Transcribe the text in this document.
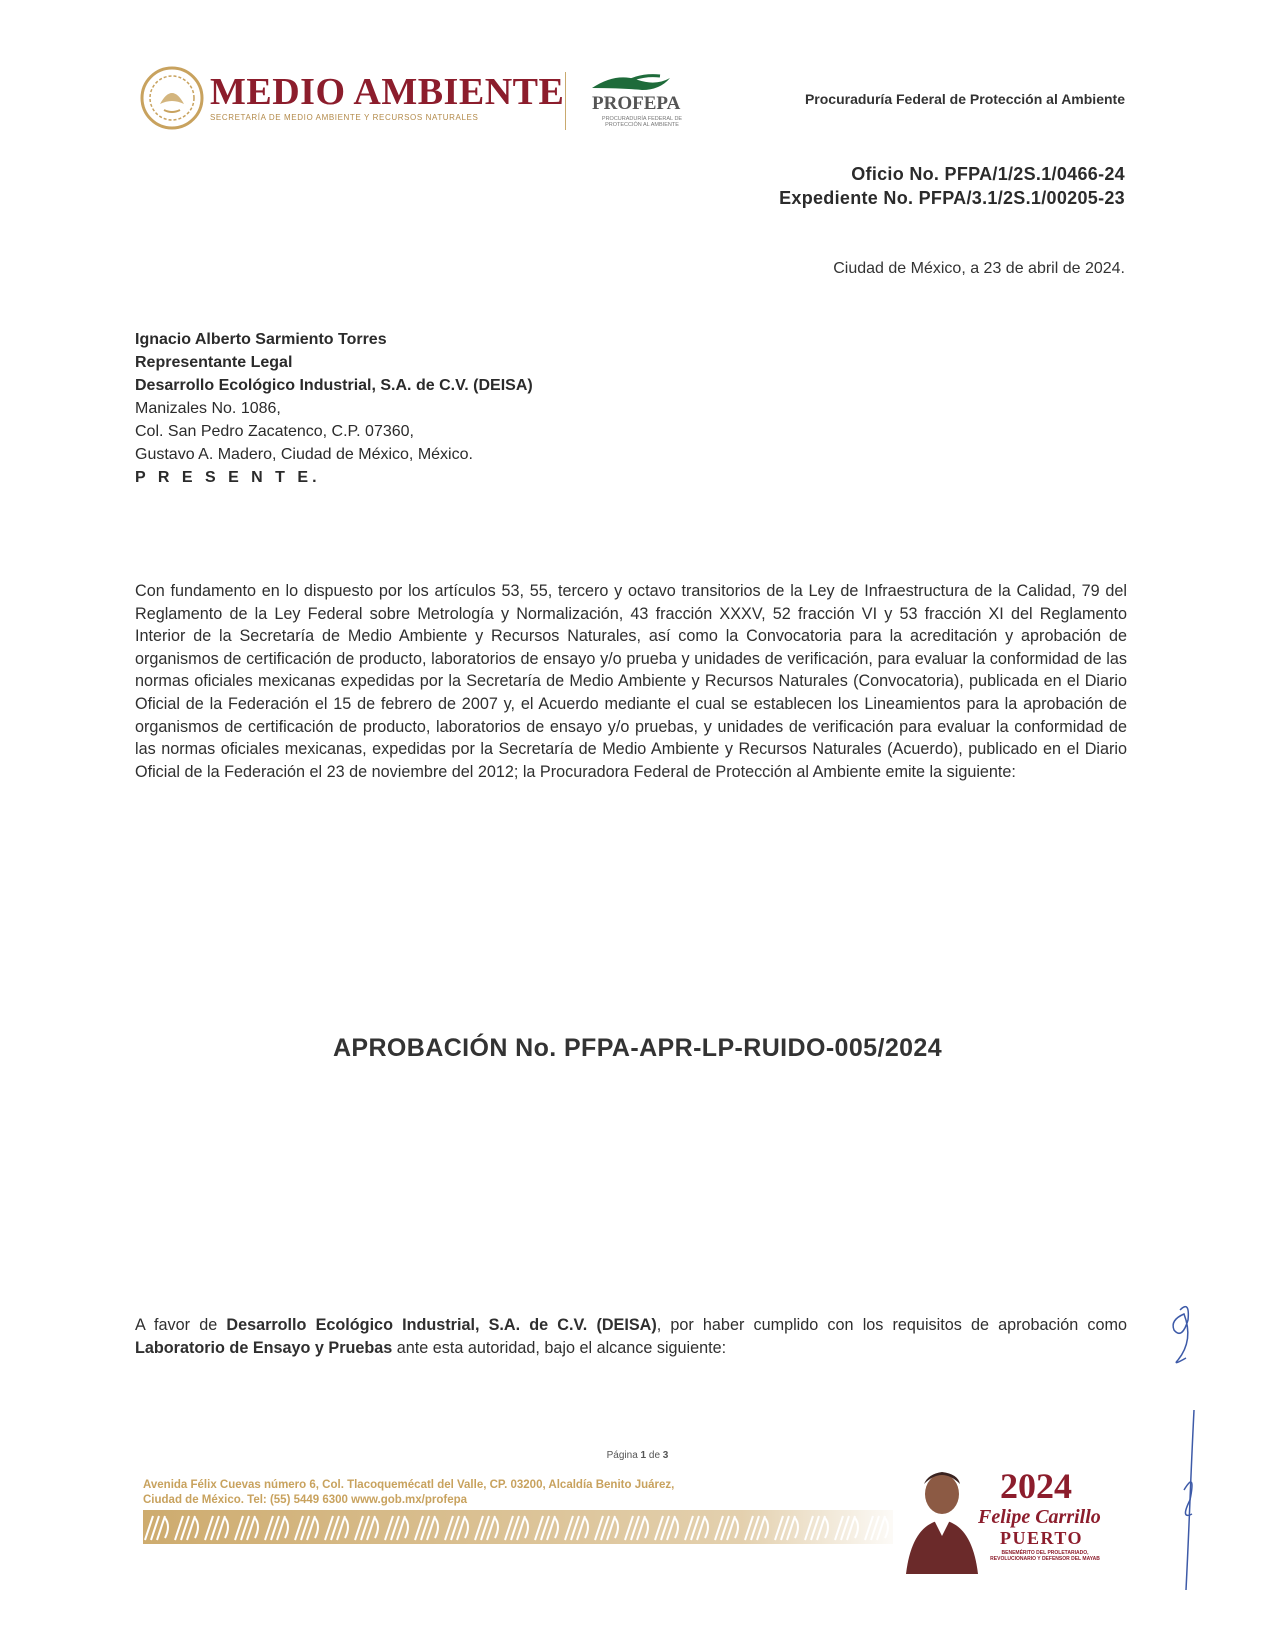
MEDIO AMBIENTE
SECRETARÍA DE MEDIO AMBIENTE Y RECURSOS NATURALES
PROFEPA
PROCURADURÍA FEDERAL DE PROTECCIÓN AL AMBIENTE
Procuraduría Federal de Protección al Ambiente
Oficio No. PFPA/1/2S.1/0466-24
Expediente No. PFPA/3.1/2S.1/00205-23
Ciudad de México, a 23 de abril de 2024.
Ignacio Alberto Sarmiento Torres
Representante Legal
Desarrollo Ecológico Industrial, S.A. de C.V. (DEISA)
Manizales No. 1086,
Col. San Pedro Zacatenco, C.P. 07360,
Gustavo A. Madero, Ciudad de México, México.
P R E S E N T E.

Con fundamento en lo dispuesto por los artículos 53, 55, tercero y octavo transitorios de la Ley de Infraestructura de la Calidad, 79 del Reglamento de la Ley Federal sobre Metrología y Normalización, 43 fracción XXXV, 52 fracción VI y 53 fracción XI del Reglamento Interior de la Secretaría de Medio Ambiente y Recursos Naturales, así como la Convocatoria para la acreditación y aprobación de organismos de certificación de producto, laboratorios de ensayo y/o prueba y unidades de verificación, para evaluar la conformidad de las normas oficiales mexicanas expedidas por la Secretaría de Medio Ambiente y Recursos Naturales (Convocatoria), publicada en el Diario Oficial de la Federación el 15 de febrero de 2007 y, el Acuerdo mediante el cual se establecen los Lineamientos para la aprobación de organismos de certificación de producto, laboratorios de ensayo y/o pruebas, y unidades de verificación para evaluar la conformidad de las normas oficiales mexicanas, expedidas por la Secretaría de Medio Ambiente y Recursos Naturales (Acuerdo), publicado en el Diario Oficial de la Federación el 23 de noviembre del 2012; la Procuradora Federal de Protección al Ambiente emite la siguiente:

APROBACIÓN No. PFPA-APR-LP-RUIDO-005/2024

A favor de Desarrollo Ecológico Industrial, S.A. de C.V. (DEISA), por haber cumplido con los requisitos de aprobación como Laboratorio de Ensayo y Pruebas ante esta autoridad, bajo el alcance siguiente:

Página 1 de 3
Avenida Félix Cuevas número 6, Col. Tlacoquemécatl del Valle, CP. 03200, Alcaldía Benito Juárez,
Ciudad de México. Tel: (55) 5449 6300 www.gob.mx/profepa	2024
Felipe Carrillo
PUERTO
BENEMÉRITO DEL PROLETARIADO, REVOLUCIONARIO Y DEFENSOR DEL MAYAB
